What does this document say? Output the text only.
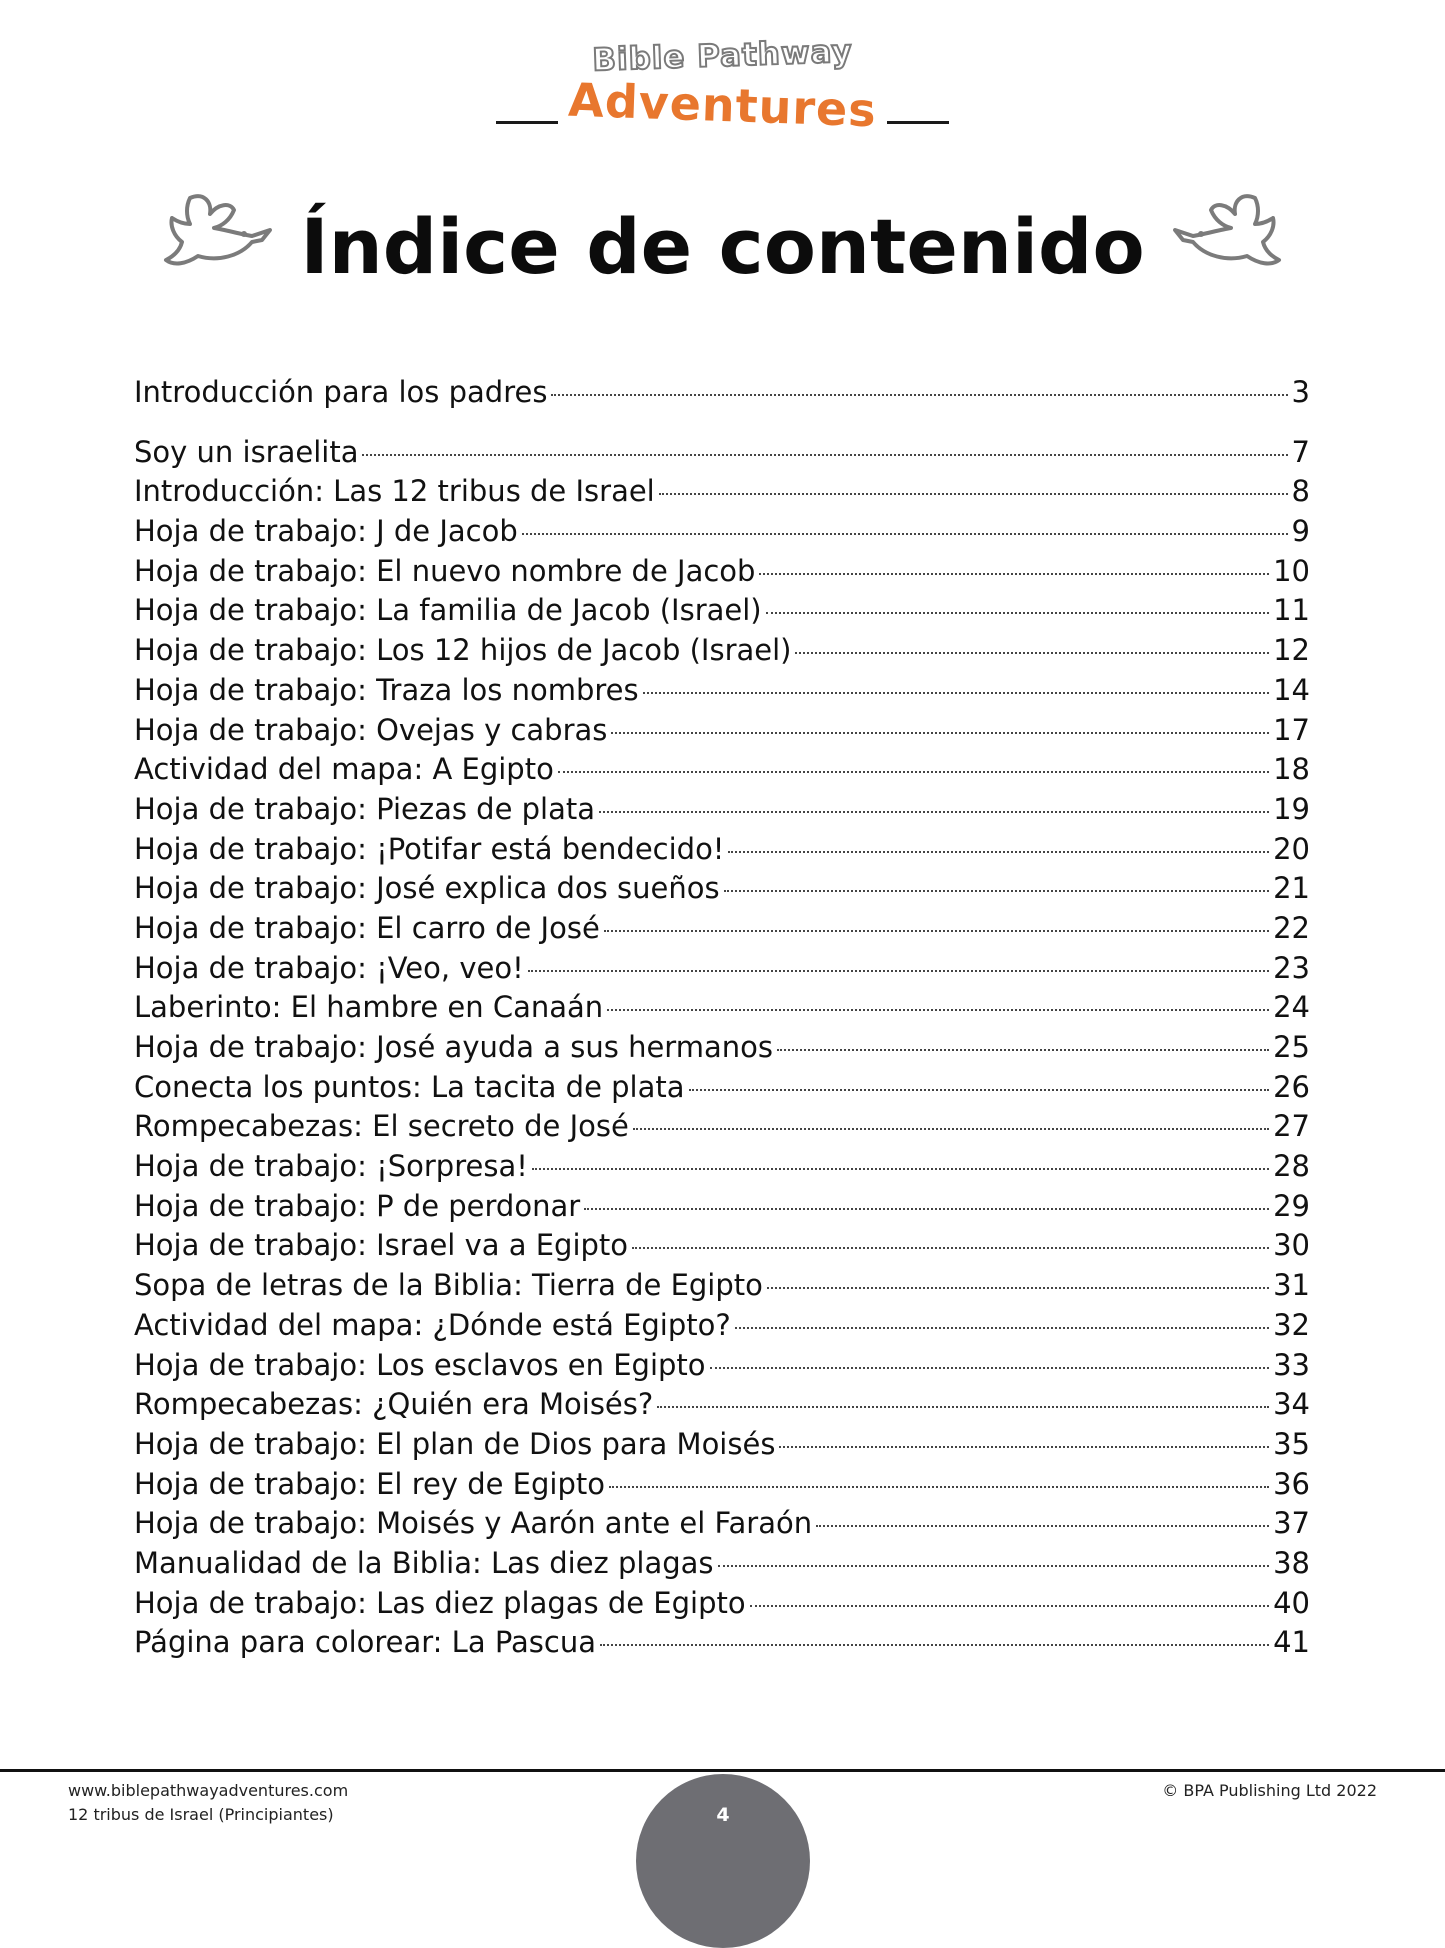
Bible Pathway
Adventures
Índice de contenido
Introducción para los padres	3
Soy un israelita	7
Introducción: Las 12 tribus de Israel	8
Hoja de trabajo: J de Jacob	9
Hoja de trabajo: El nuevo nombre de Jacob	10
Hoja de trabajo: La familia de Jacob (Israel)	11
Hoja de trabajo: Los 12 hijos de Jacob (Israel)	12
Hoja de trabajo: Traza los nombres	14
Hoja de trabajo: Ovejas y cabras	17
Actividad del mapa: A Egipto	18
Hoja de trabajo: Piezas de plata	19
Hoja de trabajo: ¡Potifar está bendecido!	20
Hoja de trabajo: José explica dos sueños	21
Hoja de trabajo: El carro de José	22
Hoja de trabajo: ¡Veo, veo!	23
Laberinto: El hambre en Canaán	24
Hoja de trabajo: José ayuda a sus hermanos	25
Conecta los puntos: La tacita de plata	26
Rompecabezas: El secreto de José	27
Hoja de trabajo: ¡Sorpresa!	28
Hoja de trabajo: P de perdonar	29
Hoja de trabajo: Israel va a Egipto	30
Sopa de letras de la Biblia: Tierra de Egipto	31
Actividad del mapa: ¿Dónde está Egipto?	32
Hoja de trabajo: Los esclavos en Egipto	33
Rompecabezas: ¿Quién era Moisés?	34
Hoja de trabajo: El plan de Dios para Moisés	35
Hoja de trabajo: El rey de Egipto	36
Hoja de trabajo: Moisés y Aarón ante el Faraón	37
Manualidad de la Biblia: Las diez plagas	38
Hoja de trabajo: Las diez plagas de Egipto	40
Página para colorear: La Pascua	41
www.biblepathwayadventures.com
12 tribus de Israel (Principiantes)
© BPA Publishing Ltd 2022
4
